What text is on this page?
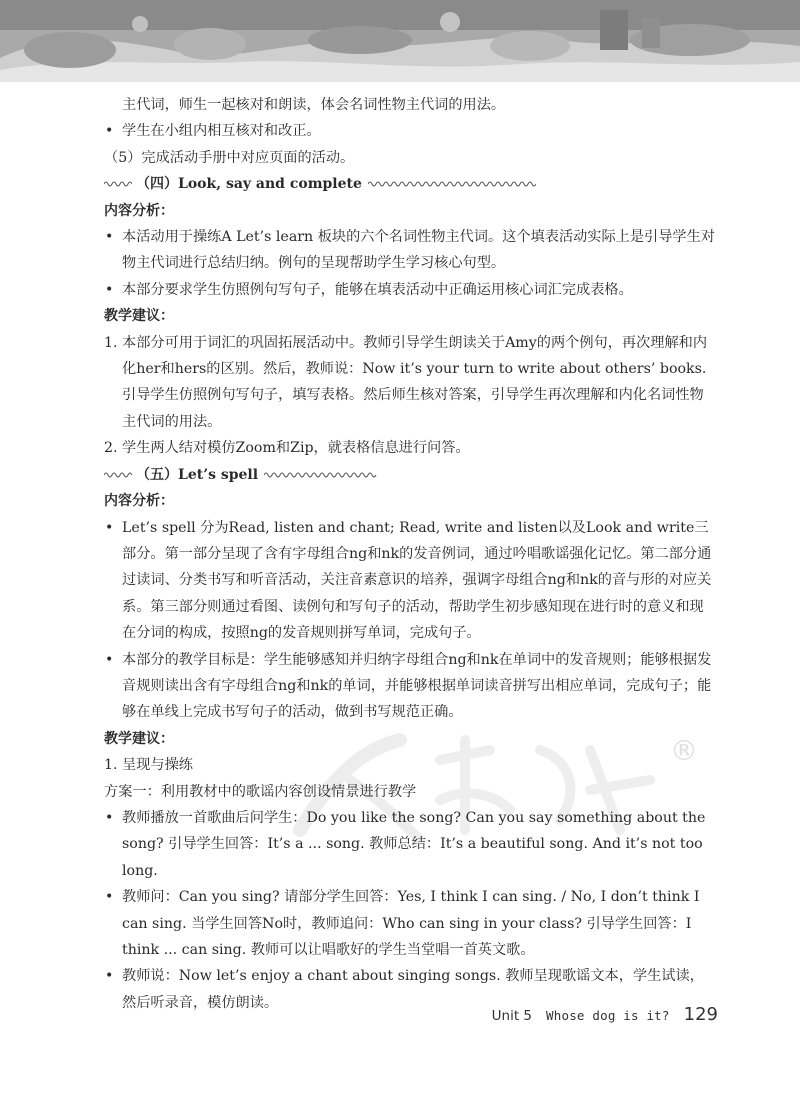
®

主代词，师生一起核对和朗读，体会名词性物主代词的用法。

• 学生在小组内相互核对和改正。

（5）完成活动手册中对应页面的活动。

（四）Look, say and complete

内容分析：

• 本活动用于操练A Let’s learn 板块的六个名词性物主代词。这个填表活动实际上是引导学生对物主代词进行总结归纳。例句的呈现帮助学生学习核心句型。

• 本部分要求学生仿照例句写句子，能够在填表活动中正确运用核心词汇完成表格。

教学建议：

1. 本部分可用于词汇的巩固拓展活动中。教师引导学生朗读关于Amy的两个例句，再次理解和内化her和hers的区别。然后，教师说：Now it’s your turn to write about others’ books. 引导学生仿照例句写句子，填写表格。然后师生核对答案，引导学生再次理解和内化名词性物主代词的用法。
2. 学生两人结对模仿Zoom和Zip，就表格信息进行问答。
（五）Let’s spell

内容分析：

• Let’s spell 分为Read, listen and chant; Read, write and listen以及Look and write三部分。第一部分呈现了含有字母组合ng和nk的发音例词，通过吟唱歌谣强化记忆。第二部分通过读词、分类书写和听音活动，关注音素意识的培养，强调字母组合ng和nk的音与形的对应关系。第三部分则通过看图、读例句和写句子的活动，帮助学生初步感知现在进行时的意义和现在分词的构成，按照ng的发音规则拼写单词，完成句子。

• 本部分的教学目标是：学生能够感知并归纳字母组合ng和nk在单词中的发音规则；能够根据发音规则读出含有字母组合ng和nk的单词，并能够根据单词读音拼写出相应单词，完成句子；能够在单线上完成书写句子的活动，做到书写规范正确。

教学建议：

1. 呈现与操练

方案一：利用教材中的歌谣内容创设情景进行教学

• 教师播放一首歌曲后问学生：Do you like the song? Can you say something about the song? 引导学生回答：It’s a ... song. 教师总结：It’s a beautiful song. And it’s not too long.

• 教师问：Can you sing? 请部分学生回答：Yes, I think I can sing. / No, I don’t think I can sing. 当学生回答No时，教师追问：Who can sing in your class? 引导学生回答：I think ... can sing. 教师可以让唱歌好的学生当堂唱一首英文歌。

• 教师说：Now let’s enjoy a chant about singing songs. 教师呈现歌谣文本，学生试读，然后听录音，模仿朗读。

Unit 5 Whose dog is it? 129
